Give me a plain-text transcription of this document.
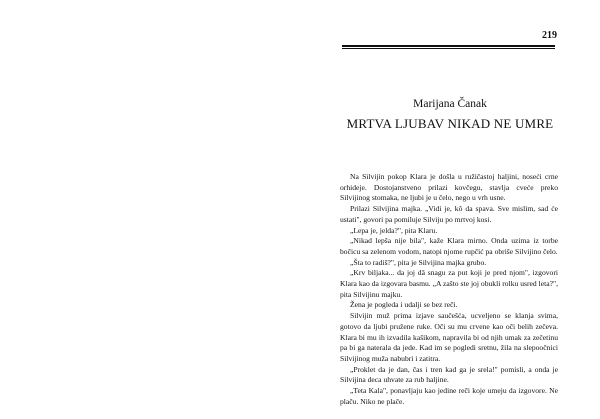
219
Marijana Čanak
MRTVA LJUBAV NIKAD NE UMRE

Na Silvijin pokop Klara je došla u ružičastoj haljini, noseći crne orhideje. Dostojanstveno prilazi kovčegu, stavlja cveće preko Silvijinog stomaka, ne ljubi je u čelo, nego u vrh usne.

Prilazi Silvijina majka. „Vidi je, kô da spava. Sve mislim, sad će ustati", govori pa pomiluje Silviju po mrtvoj kosi.

„Lepa je, jelda?", pita Klaru.

„Nikad lepša nije bila", kaže Klara mirno. Onda uzima iz torbe bočicu sa zelenom vodom, natopi njome rupčić pa obriše Silvijino čelo.

„Šta to radiš?", pita je Silvijina majka grubo.

„Krv biljaka... da joj dâ snagu za put koji je pred njom", izgovori Klara kao da izgovara basmu. „A zašto ste joj obukli rolku usred leta?", pita Silvijinu majku.

Žena je pogleda i udalji se bez reči.

Silvijin muž prima izjave saučešća, ucveljeno se klanja svima, gotovo da ljubi pružene ruke. Oči su mu crvene kao oči belih zečeva. Klara bi mu ih izvadila kašikom, napravila bi od njih umak za zečetinu pa bi ga naterala da jede. Kad im se pogledi sretnu, žila na slepoočnici Silvijinog muža nabubri i zatitra.

„Proklet da je dan, čas i tren kad ga je srela!" pomisli, a onda je Silvijina deca uhvate za rub haljine.

„Teta Kala", ponavljaju kao jedine reči koje umeju da izgovore. Ne plaču. Niko ne plače.
